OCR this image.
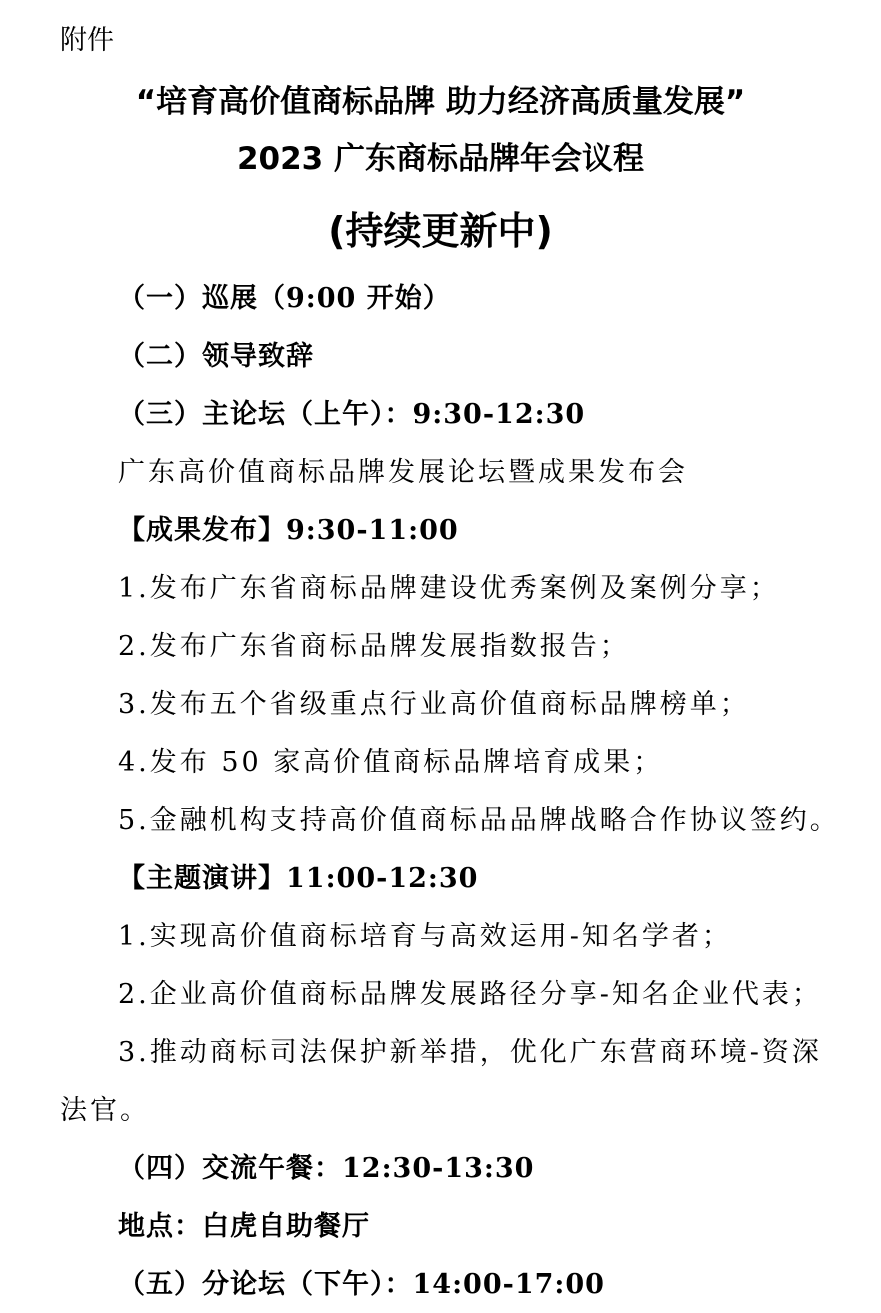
附件
“培育高价值商标品牌 助力经济高质量发展”
2023 广东商标品牌年会议程
(持续更新中)
（一）巡展（9:00 开始）
（二）领导致辞
（三）主论坛（上午）：9:30-12:30
广东高价值商标品牌发展论坛暨成果发布会
【成果发布】9:30-11:00
1.发布广东省商标品牌建设优秀案例及案例分享；
2.发布广东省商标品牌发展指数报告；
3.发布五个省级重点行业高价值商标品牌榜单；
4.发布 50 家高价值商标品牌培育成果；
5.金融机构支持高价值商标品品牌战略合作协议签约。
【主题演讲】11:00-12:30
1.实现高价值商标培育与高效运用-知名学者；
2.企业高价值商标品牌发展路径分享-知名企业代表；
3.推动商标司法保护新举措，优化广东营商环境-资深
法官。
（四）交流午餐：12:30-13:30
地点：白虎自助餐厅
（五）分论坛（下午）：14:00-17:00
